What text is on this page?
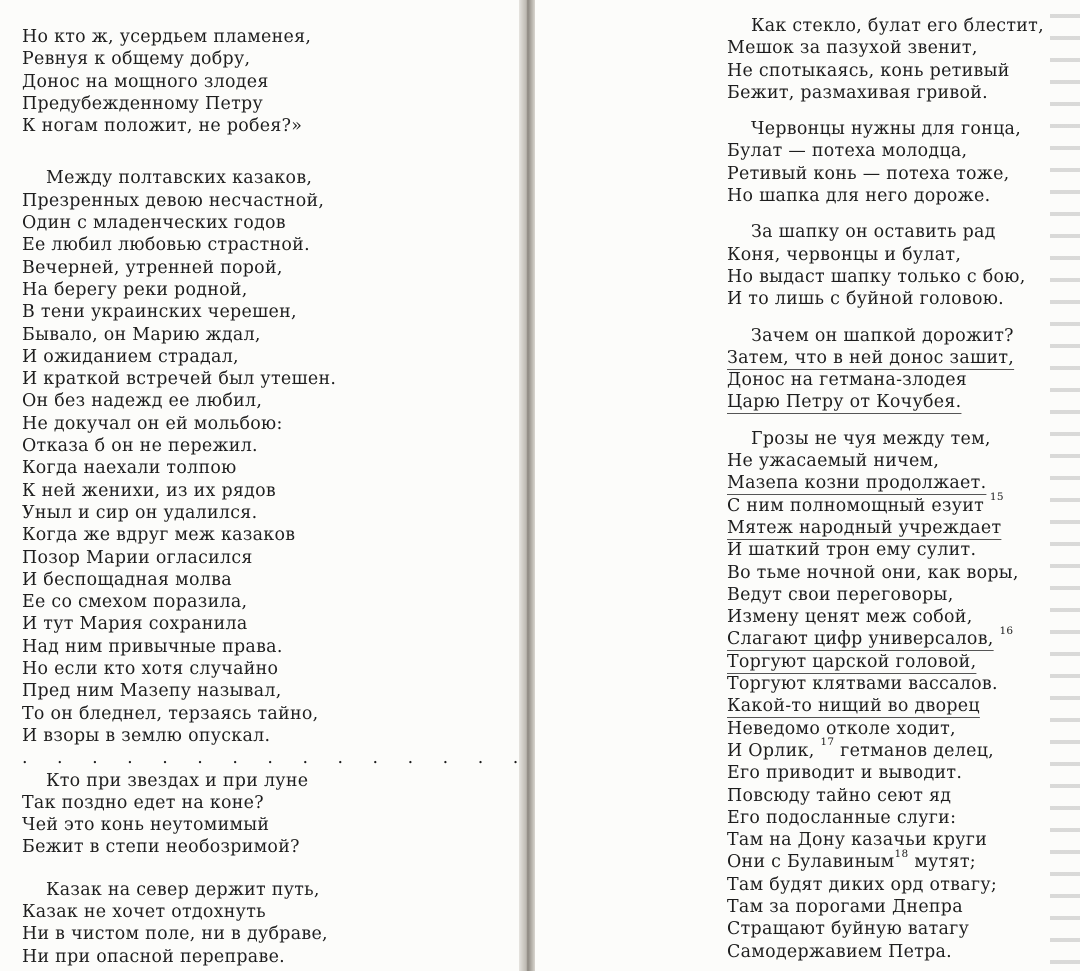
Но кто ж, усердьем пламенея,
Ревнуя к общему добру,
Донос на мощного злодея
Предубежденному Петру
К ногам положит, не робея?»
Между полтавских казаков,
Презренных девою несчастной,
Один с младенческих годов
Ее любил любовью страстной.
Вечерней, утренней порой,
На берегу реки родной,
В тени украинских черешен,
Бывало, он Марию ждал,
И ожиданием страдал,
И краткой встречей был утешен.
Он без надежд ее любил,
Не докучал он ей мольбою:
Отказа б он не пережил.
Когда наехали толпою
К ней женихи, из их рядов
Уныл и сир он удалился.
Когда же вдруг меж казаков
Позор Марии огласился
И беспощадная молва
Ее со смехом поразила,
И тут Мария сохранила
Над ним привычные права.
Но если кто хотя случайно
Пред ним Мазепу называл,
То он бледнел, терзаясь тайно,
И взоры в землю опускал.
. . . . . . . . . . . . . . .
Кто при звездах и при луне
Так поздно едет на коне?
Чей это конь неутомимый
Бежит в степи необозримой?
Казак на север держит путь,
Казак не хочет отдохнуть
Ни в чистом поле, ни в дубраве,
Ни при опасной переправе.
Как стекло, булат его блестит,
Мешок за пазухой звенит,
Не спотыкаясь, конь ретивый
Бежит, размахивая гривой.
Червонцы нужны для гонца,
Булат — потеха молодца,
Ретивый конь — потеха тоже,
Но шапка для него дороже.
За шапку он оставить рад
Коня, червонцы и булат,
Но выдаст шапку только с бою,
И то лишь с буйной головою.
Зачем он шапкой дорожит?
Затем, что в ней донос зашит,
Донос на гетмана-злодея
Царю Петру от Кочубея.
Грозы не чуя между тем,
Не ужасаемый ничем,
Мазепа козни продолжает.
С ним полномощный езуит $^{15}$
Мятеж народный учреждает
И шаткий трон ему сулит.
Во тьме ночной они, как воры,
Ведут свои переговоры,
Измену ценят меж собой,
Слагают цифр универсалов, $^{16}$
Торгуют царской головой,
Торгуют клятвами вассалов.
Какой-то нищий во дворец
Неведомо отколе ходит,
И Орлик, $^{17}$ гетманов делец,
Его приводит и выводит.
Повсюду тайно сеют яд
Его подосланные слуги:
Там на Дону казачьи круги
Они с Булавиным$^{18}$ мутят;
Там будят диких орд отвагу;
Там за порогами Днепра
Стращают буйную ватагу
Самодержавием Петра.
